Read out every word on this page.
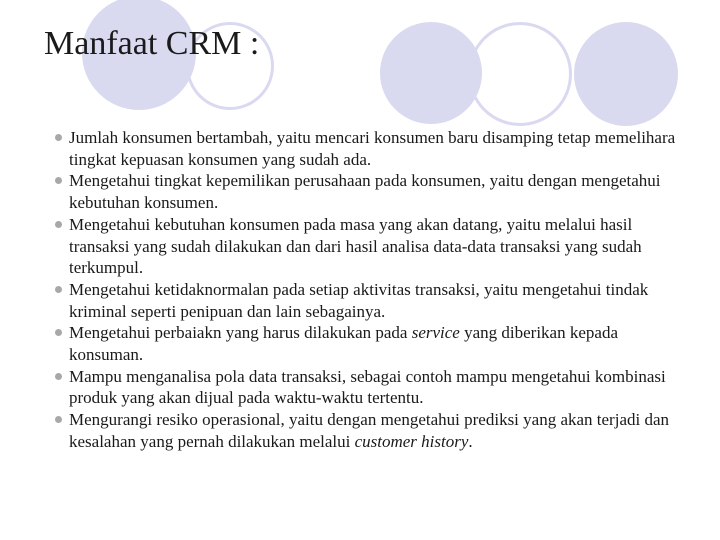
Manfaat CRM :
Jumlah konsumen bertambah, yaitu mencari konsumen baru disamping tetap memelihara tingkat kepuasan konsumen yang sudah ada.
Mengetahui tingkat kepemilikan perusahaan pada konsumen, yaitu dengan mengetahui kebutuhan konsumen.
Mengetahui kebutuhan konsumen pada masa yang akan datang, yaitu melalui hasil transaksi yang sudah dilakukan dan dari hasil analisa data-data transaksi yang sudah terkumpul.
Mengetahui ketidaknormalan pada setiap aktivitas transaksi, yaitu mengetahui tindak kriminal seperti penipuan dan lain sebagainya.
Mengetahui perbaiakn yang harus dilakukan pada service yang diberikan kepada konsuman.
Mampu menganalisa pola data transaksi, sebagai contoh mampu mengetahui kombinasi produk yang akan dijual pada waktu-waktu tertentu.
Mengurangi resiko operasional, yaitu dengan mengetahui prediksi yang akan terjadi dan kesalahan yang pernah dilakukan melalui customer history.
